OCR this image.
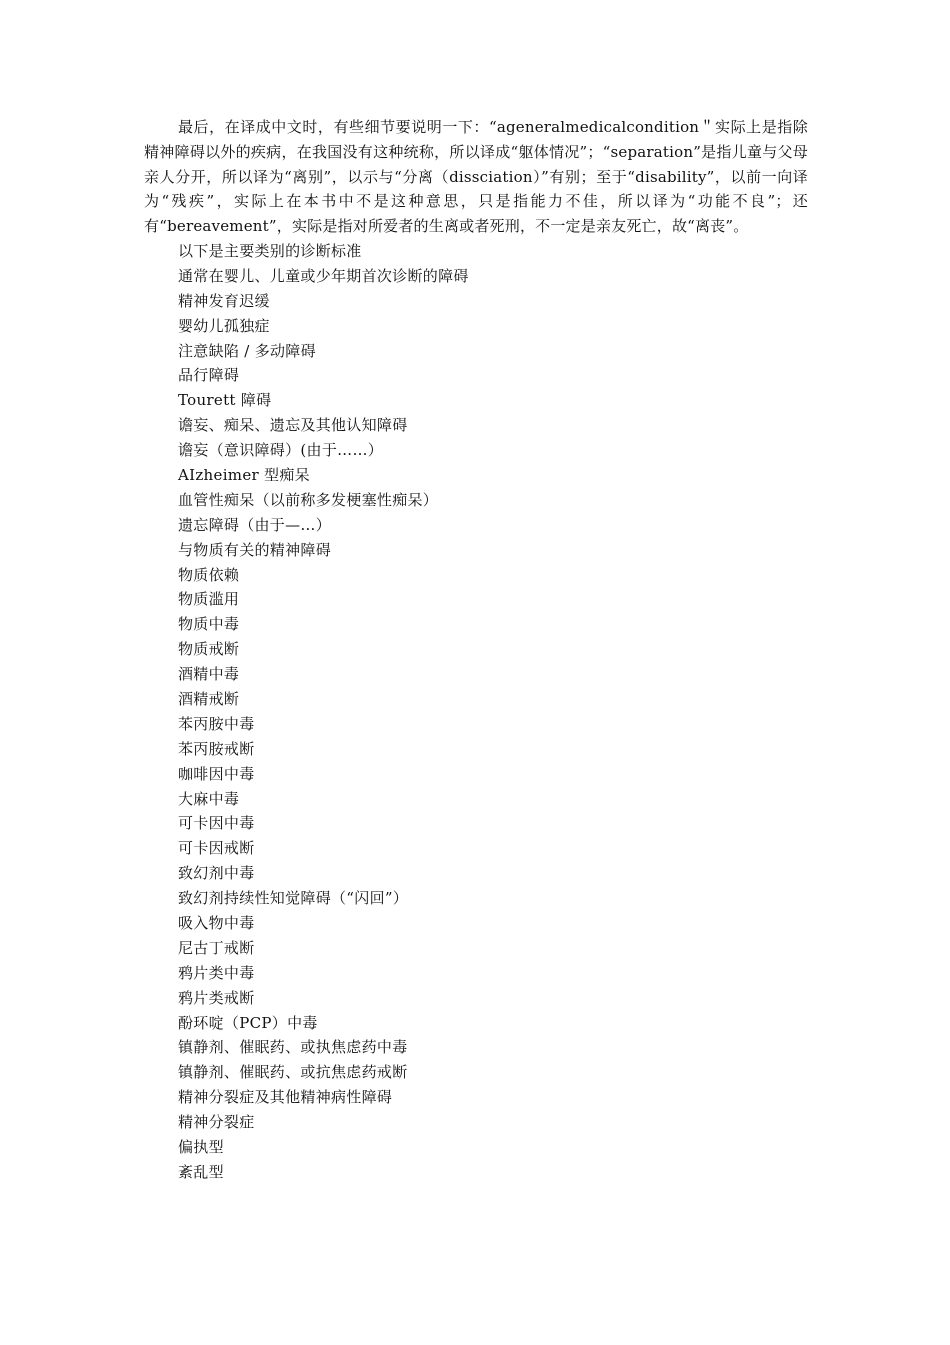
最后，在译成中文时，有些细节要说明一下：“ageneralmedicalcondition＂实际上是指除精神障碍以外的疾病，在我国没有这种统称，所以译成“躯体情况”；“separation”是指儿童与父母亲人分开，所以译为“离别”，以示与“分离（dissciation）”有别；至于“disability”，以前一向译为“残疾”，实际上在本书中不是这种意思，只是指能力不佳，所以译为“功能不良”；还有“bereavement”，实际是指对所爱者的生离或者死刑，不一定是亲友死亡，故“离丧”。

以下是主要类别的诊断标准

通常在婴儿、儿童或少年期首次诊断的障碍
精神发育迟缓
婴幼儿孤独症
注意缺陷 / 多动障碍
品行障碍
Tourett 障碍
谵妄、痴呆、遗忘及其他认知障碍
谵妄（意识障碍）(由于……）
AIzheimer 型痴呆
血管性痴呆（以前称多发梗塞性痴呆）
遗忘障碍（由于—…）
与物质有关的精神障碍
物质依赖
物质滥用
物质中毒
物质戒断
酒精中毒
酒精戒断
苯丙胺中毒
苯丙胺戒断
咖啡因中毒
大麻中毒
可卡因中毒
可卡因戒断
致幻剂中毒
致幻剂持续性知觉障碍（“闪回”）
吸入物中毒
尼古丁戒断
鸦片类中毒
鸦片类戒断
酚环啶（PCP）中毒
镇静剂、催眠药、或执焦虑药中毒
镇静剂、催眠药、或抗焦虑药戒断
精神分裂症及其他精神病性障碍
精神分裂症
偏执型
紊乱型
